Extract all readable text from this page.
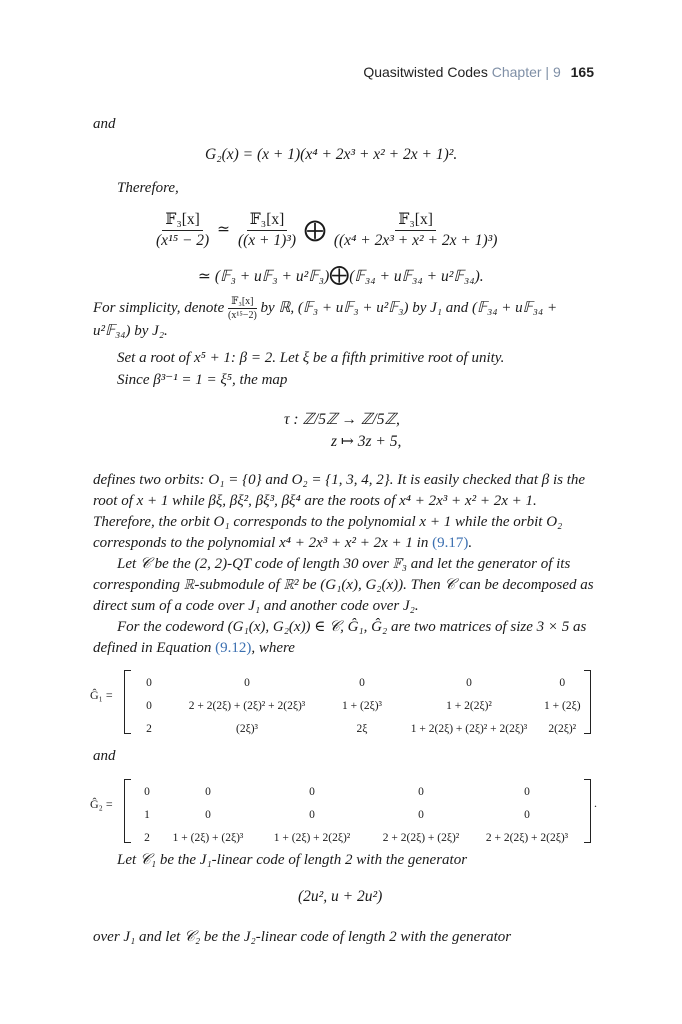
Quasitwisted Codes Chapter | 9 165
and
G₂(x) = (x + 1)(x⁴ + 2x³ + x² + 2x + 1)².
Therefore,
$\frac{\text{𝔽₃[x]}}{\text{(x¹⁵ − 2)}}$ ≃ $\frac{\text{𝔽₃[x]}}{\text{((x + 1)³)}}$ ⨁ $\frac{\text{𝔽₃[x]}}{\text{((x⁴ + 2x³ + x² + 2x + 1)³)}}$
≃ (𝔽₃ + u𝔽₃ + u²𝔽₃)⨁(𝔽₃₄ + u𝔽₃₄ + u²𝔽₃₄).
For simplicity, denote $\frac{\text{𝔽₃[x]}}{\text{(x¹⁵−2)}}$ by ℝ, (𝔽₃ + u𝔽₃ + u²𝔽₃) by J₁ and (𝔽₃₄ + u𝔽₃₄ +
u²𝔽₃₄) by J₂.
Set a root of x⁵ + 1: β = 2. Let ξ be a fifth primitive root of unity.
Since β³⁻¹ = 1 = ξ⁵, the map
τ : ℤ/5ℤ → ℤ/5ℤ,
z ↦ 3z + 5,
defines two orbits: O₁ = {0} and O₂ = {1, 3, 4, 2}. It is easily checked that β is the root of x + 1 while βξ, βξ², βξ³, βξ⁴ are the roots of x⁴ + 2x³ + x² + 2x + 1. Therefore, the orbit O₁ corresponds to the polynomial x + 1 while the orbit O₂ corresponds to the polynomial x⁴ + 2x³ + x² + 2x + 1 in (9.17).
Let 𝒞 be the (2, 2)-QT code of length 30 over 𝔽₃ and let the generator of its corresponding ℝ-submodule of ℝ² be (G₁(x), G₂(x)). Then 𝒞 can be decomposed as direct sum of a code over J₁ and another code over J₂.
For the codeword (G₁(x), G₂(x)) ∈ 𝒞, Ĝ₁, Ĝ₂ are two matrices of size 3 × 5 as defined in Equation (9.12), where
Ĝ₁ =
0	0	0	0	0
0	2 + 2(2ξ) + (2ξ)² + 2(2ξ)³	1 + (2ξ)³	1 + 2(2ξ)²	1 + (2ξ)
2	(2ξ)³	2ξ	1 + 2(2ξ) + (2ξ)² + 2(2ξ)³	2(2ξ)²
and
Ĝ₂ =
0	0	0	0	0
1	0	0	0	0
2	1 + (2ξ) + (2ξ)³	1 + (2ξ) + 2(2ξ)²	2 + 2(2ξ) + (2ξ)²	2 + 2(2ξ) + 2(2ξ)³
.
Let 𝒞₁ be the J₁-linear code of length 2 with the generator
(2u², u + 2u²)
over J₁ and let 𝒞₂ be the J₂-linear code of length 2 with the generator
